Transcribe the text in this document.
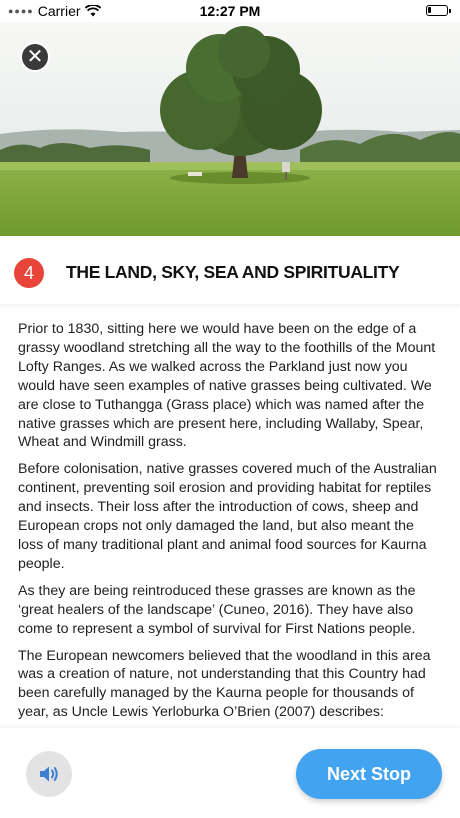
●●●● Carrier	12:27 PM
✕
4	THE LAND, SKY, SEA AND SPIRITUALITY

Prior to 1830, sitting here we would have been on the edge of a grassy woodland stretching all the way to the foothills of the Mount Lofty Ranges. As we walked across the Parkland just now you would have seen examples of native grasses being cultivated. We are close to Tuthangga (Grass place) which was named after the native grasses which are present here, including Wallaby, Spear, Wheat and Windmill grass.

Before colonisation, native grasses covered much of the Australian continent, preventing soil erosion and providing habitat for reptiles and insects. Their loss after the introduction of cows, sheep and European crops not only damaged the land, but also meant the loss of many traditional plant and animal food sources for Kaurna people.

As they are being reintroduced these grasses are known as the ‘great healers of the landscape’ (Cuneo, 2016). They have also come to represent a symbol of survival for First Nations people.

The European newcomers believed that the woodland in this area was a creation of nature, not understanding that this Country had been carefully managed by the Kaurna people for thousands of year, as Uncle Lewis Yerloburka O’Brien (2007) describes:

Next Stop
